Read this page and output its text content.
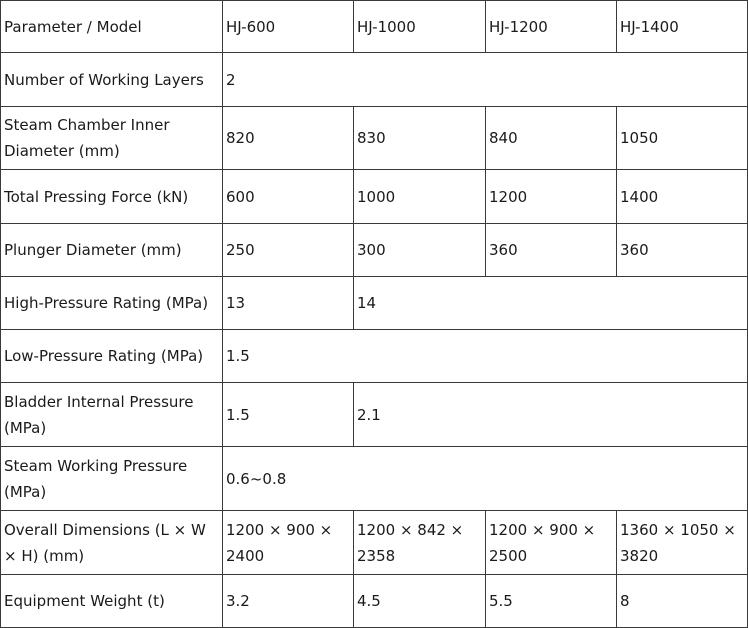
Parameter / Model	HJ-600	HJ-1000	HJ-1200	HJ-1400
Number of Working Layers	2			
Steam Chamber Inner Diameter (mm)	820	830	840	1050
Total Pressing Force (kN)	600	1000	1200	1400
Plunger Diameter (mm)	250	300	360	360
High-Pressure Rating (MPa)	13	14		
Low-Pressure Rating (MPa)	1.5			
Bladder Internal Pressure (MPa)	1.5	2.1		
Steam Working Pressure (MPa)	0.6~0.8			
Overall Dimensions (L × W × H) (mm)	1200 × 900 × 2400	1200 × 842 × 2358	1200 × 900 × 2500	1360 × 1050 × 3820
Equipment Weight (t)	3.2	4.5	5.5	8
